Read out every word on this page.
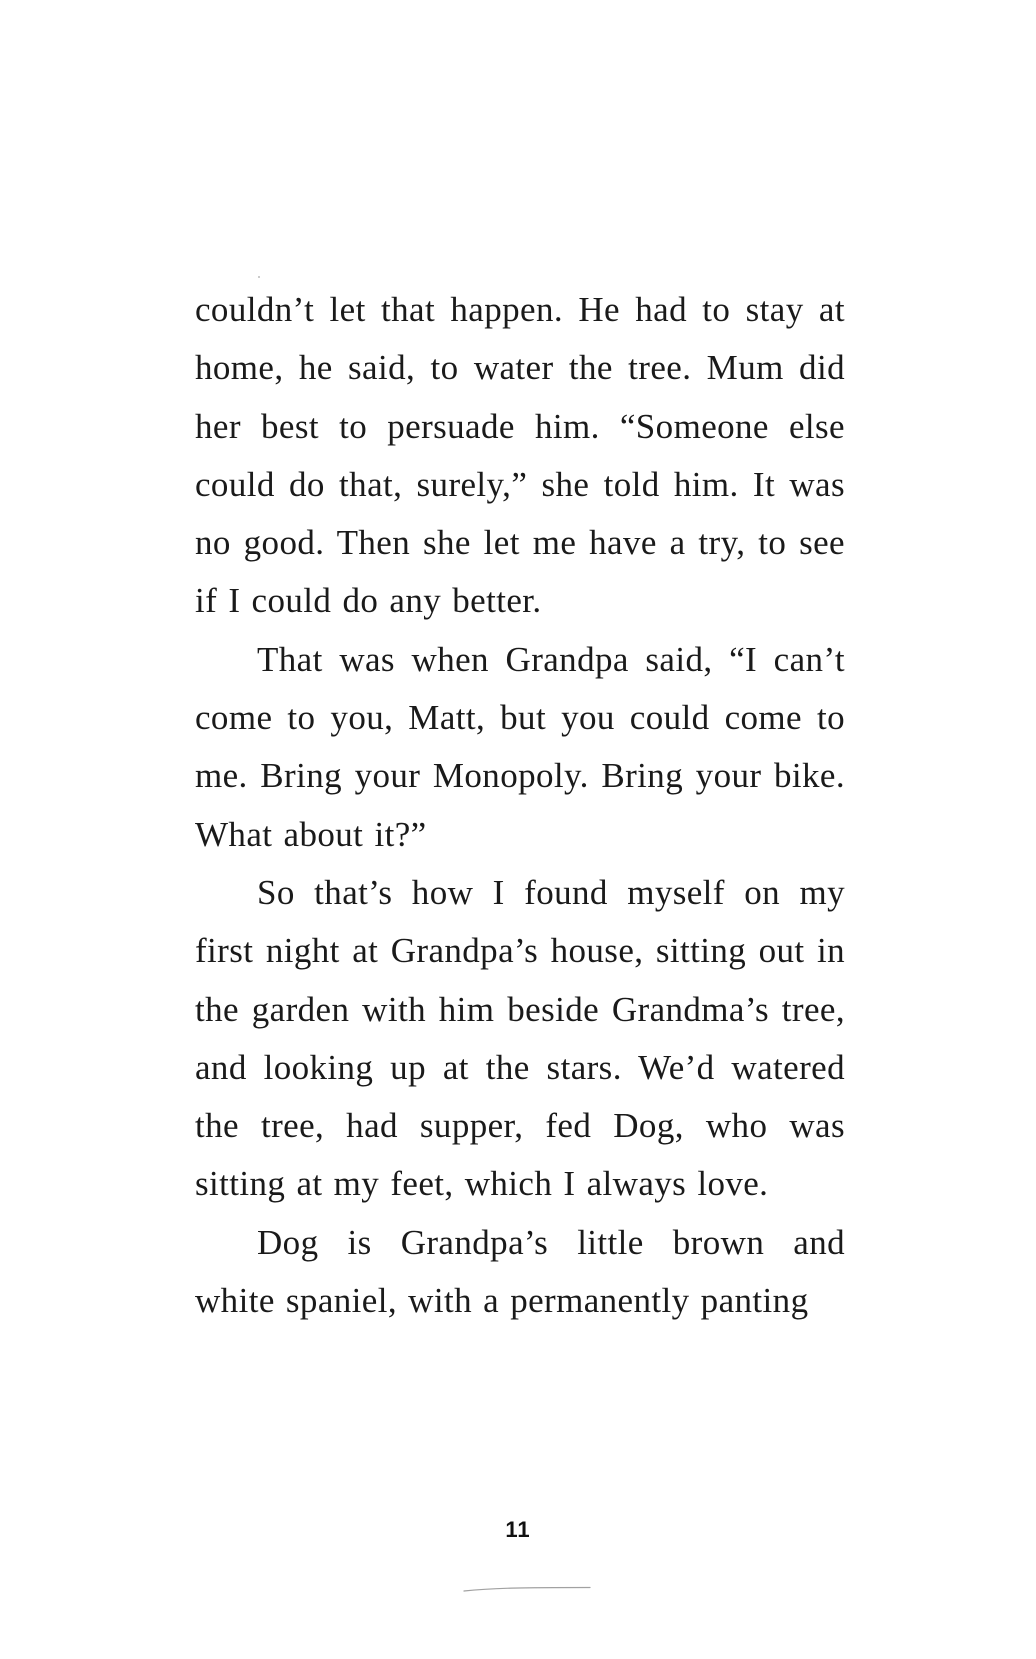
couldn’t let that happen. He had to stay at home, he said, to water the tree. Mum did her best to persuade him. “Someone else could do that, surely,” she told him. It was no good. Then she let me have a try, to see if I could do any better.

That was when Grandpa said, “I can’t come to you, Matt, but you could come to me. Bring your Monopoly. Bring your bike. What about it?”

So that’s how I found myself on my first night at Grandpa’s house, sitting out in the garden with him beside Grandma’s tree, and looking up at the stars. We’d watered the tree, had supper, fed Dog, who was sitting at my feet, which I always love.

Dog is Grandpa’s little brown and white spaniel, with a permanently panting

11
